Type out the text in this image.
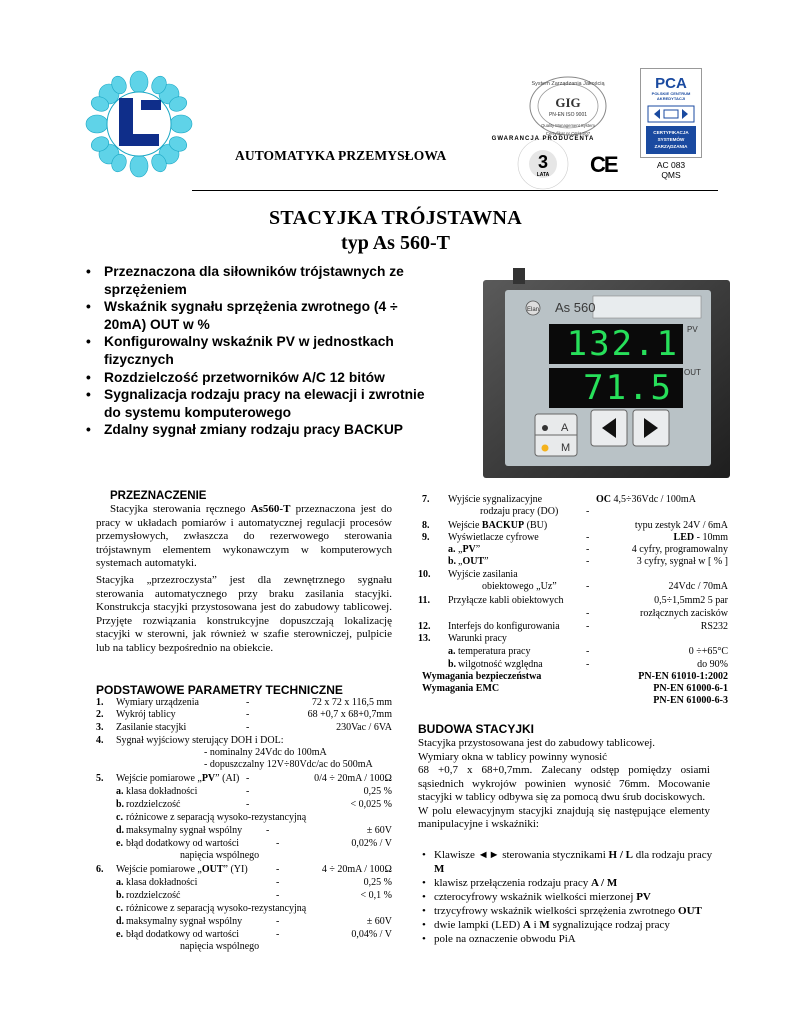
AUTOMATYKA PRZEMYSŁOWA
System Zarządzania Jakością
GIG
PN-EN ISO 9001
Quality Management System
Certyfikat nr QS/14/07
3
LATA
GWARANCJA PRODUCENTA
CE
PCA
POLSKIE CENTRUM
AKREDYTACJI
CERTYFIKACJA
SYSTEMÓW
ZARZĄDZANIA
AC 083
QMS
STACYJKA TRÓJSTAWNA
typ As 560-T
• Przeznaczona dla siłowników trójstawnych ze sprzężeniem
• Wskaźnik sygnału sprzężenia zwrotnego (4 ÷ 20mA) OUT w %
• Konfigurowalny wskaźnik PV w jednostkach fizycznych
• Rozdzielczość przetworników A/C 12 bitów
• Sygnalizacja rodzaju pracy na elewacji i zwrotnie do systemu komputerowego
• Zdalny sygnał zmiany rodzaju pracy BACKUP
As 560
Elan
132.1 PV
71.5 OUT
A
M
PRZEZNACZENIE
Stacyjka sterowania ręcznego As560-T przeznaczona jest do pracy w układach pomiarów i automatycznej regulacji procesów przemysłowych, zwłaszcza do rezerwowego sterowania trójstawnym elementem wykonawczym w komputerowych systemach automatyki.
Stacyjka „przezroczysta” jest dla zewnętrznego sygnału sterowania automatycznego przy braku zasilania stacyjki. Konstrukcja stacyjki przystosowana jest do zabudowy tablicowej. Przyjęte rozwiązania konstrukcyjne dopuszczają lokalizację stacyjki w sterowni, jak również w szafie sterowniczej, pulpicie lub na tablicy bezpośrednio na obiekcie.
PODSTAWOWE PARAMETRY TECHNICZNE
1. Wymiary urządzenia	-	72 x 72 x 116,5 mm
2. Wykrój tablicy	-	68 +0,7 x 68+0,7mm
3. Zasilanie stacyjki	-	230Vac / 6VA
4. Sygnał wyjściowy sterujący DOH i DOL:
- nominalny 24Vdc do 100mA
- dopuszczalny 12V÷80Vdc/ac do 500mA
5. Wejście pomiarowe „PV” (AI) -	0/4 ÷ 20mA / 100Ω
a. klasa dokładności	-	0,25 %
b. rozdzielczość	-	< 0,025 %
c. różnicowe z separacją wysoko-rezystancyjną
d. maksymalny sygnał wspólny -	± 60V
e. błąd dodatkowy od wartości	-	0,02% / V
napięcia wspólnego
6. Wejście pomiarowe „OUT” (YI)	-	4 ÷ 20mA / 100Ω
a. klasa dokładności	-	0,25 %
b. rozdzielczość	-	< 0,1 %
c. różnicowe z separacją wysoko-rezystancyjną
d. maksymalny sygnał wspólny	-	± 60V
e. błąd dodatkowy od wartości	-	0,04% / V
napięcia wspólnego
7. Wyjście sygnalizacyjne	OC 4,5÷36Vdc / 100mA
rodzaju pracy (DO)	-
8. Wejście BACKUP (BU)	typu zestyk 24V / 6mA
9. Wyświetlacze cyfrowe	-	LED - 10mm
a. „PV”	-	4 cyfry, programowalny
b. „OUT”	-	3 cyfry, sygnał w [ % ]
10. Wyjście zasilania
obiektowego „Uz”	-	24Vdc / 70mA
11. Przyłącze kabli obiektowych	0,5÷1,5mm2 5 par
-	rozłącznych zacisków
12. Interfejs do konfigurowania	-	RS232
13. Warunki pracy
a. temperatura pracy	-	0 ÷+65°C
b. wilgotność względna	-	do 90%
Wymagania bezpieczeństwa	PN-EN 61010-1:2002
Wymagania EMC	PN-EN 61000-6-1
PN-EN 61000-6-3
BUDOWA STACYJKI
Stacyjka przystosowana jest do zabudowy tablicowej.
Wymiary okna w tablicy powinny wynosić
68 +0,7 x 68+0,7mm. Zalecany odstęp pomiędzy osiami sąsiednich wykrojów powinien wynosić 76mm. Mocowanie stacyjki w tablicy odbywa się za pomocą dwu śrub dociskowych.
W polu elewacyjnym stacyjki znajdują się następujące elementy manipulacyjne i wskaźniki:
• Klawisze ◄► sterowania stycznikami H / L dla rodzaju pracy M
• klawisz przełączenia rodzaju pracy A / M
• czterocyfrowy wskaźnik wielkości mierzonej PV
• trzycyfrowy wskaźnik wielkości sprzężenia zwrotnego OUT
• dwie lampki (LED) A i M sygnalizujące rodzaj pracy
• pole na oznaczenie obwodu PiA
